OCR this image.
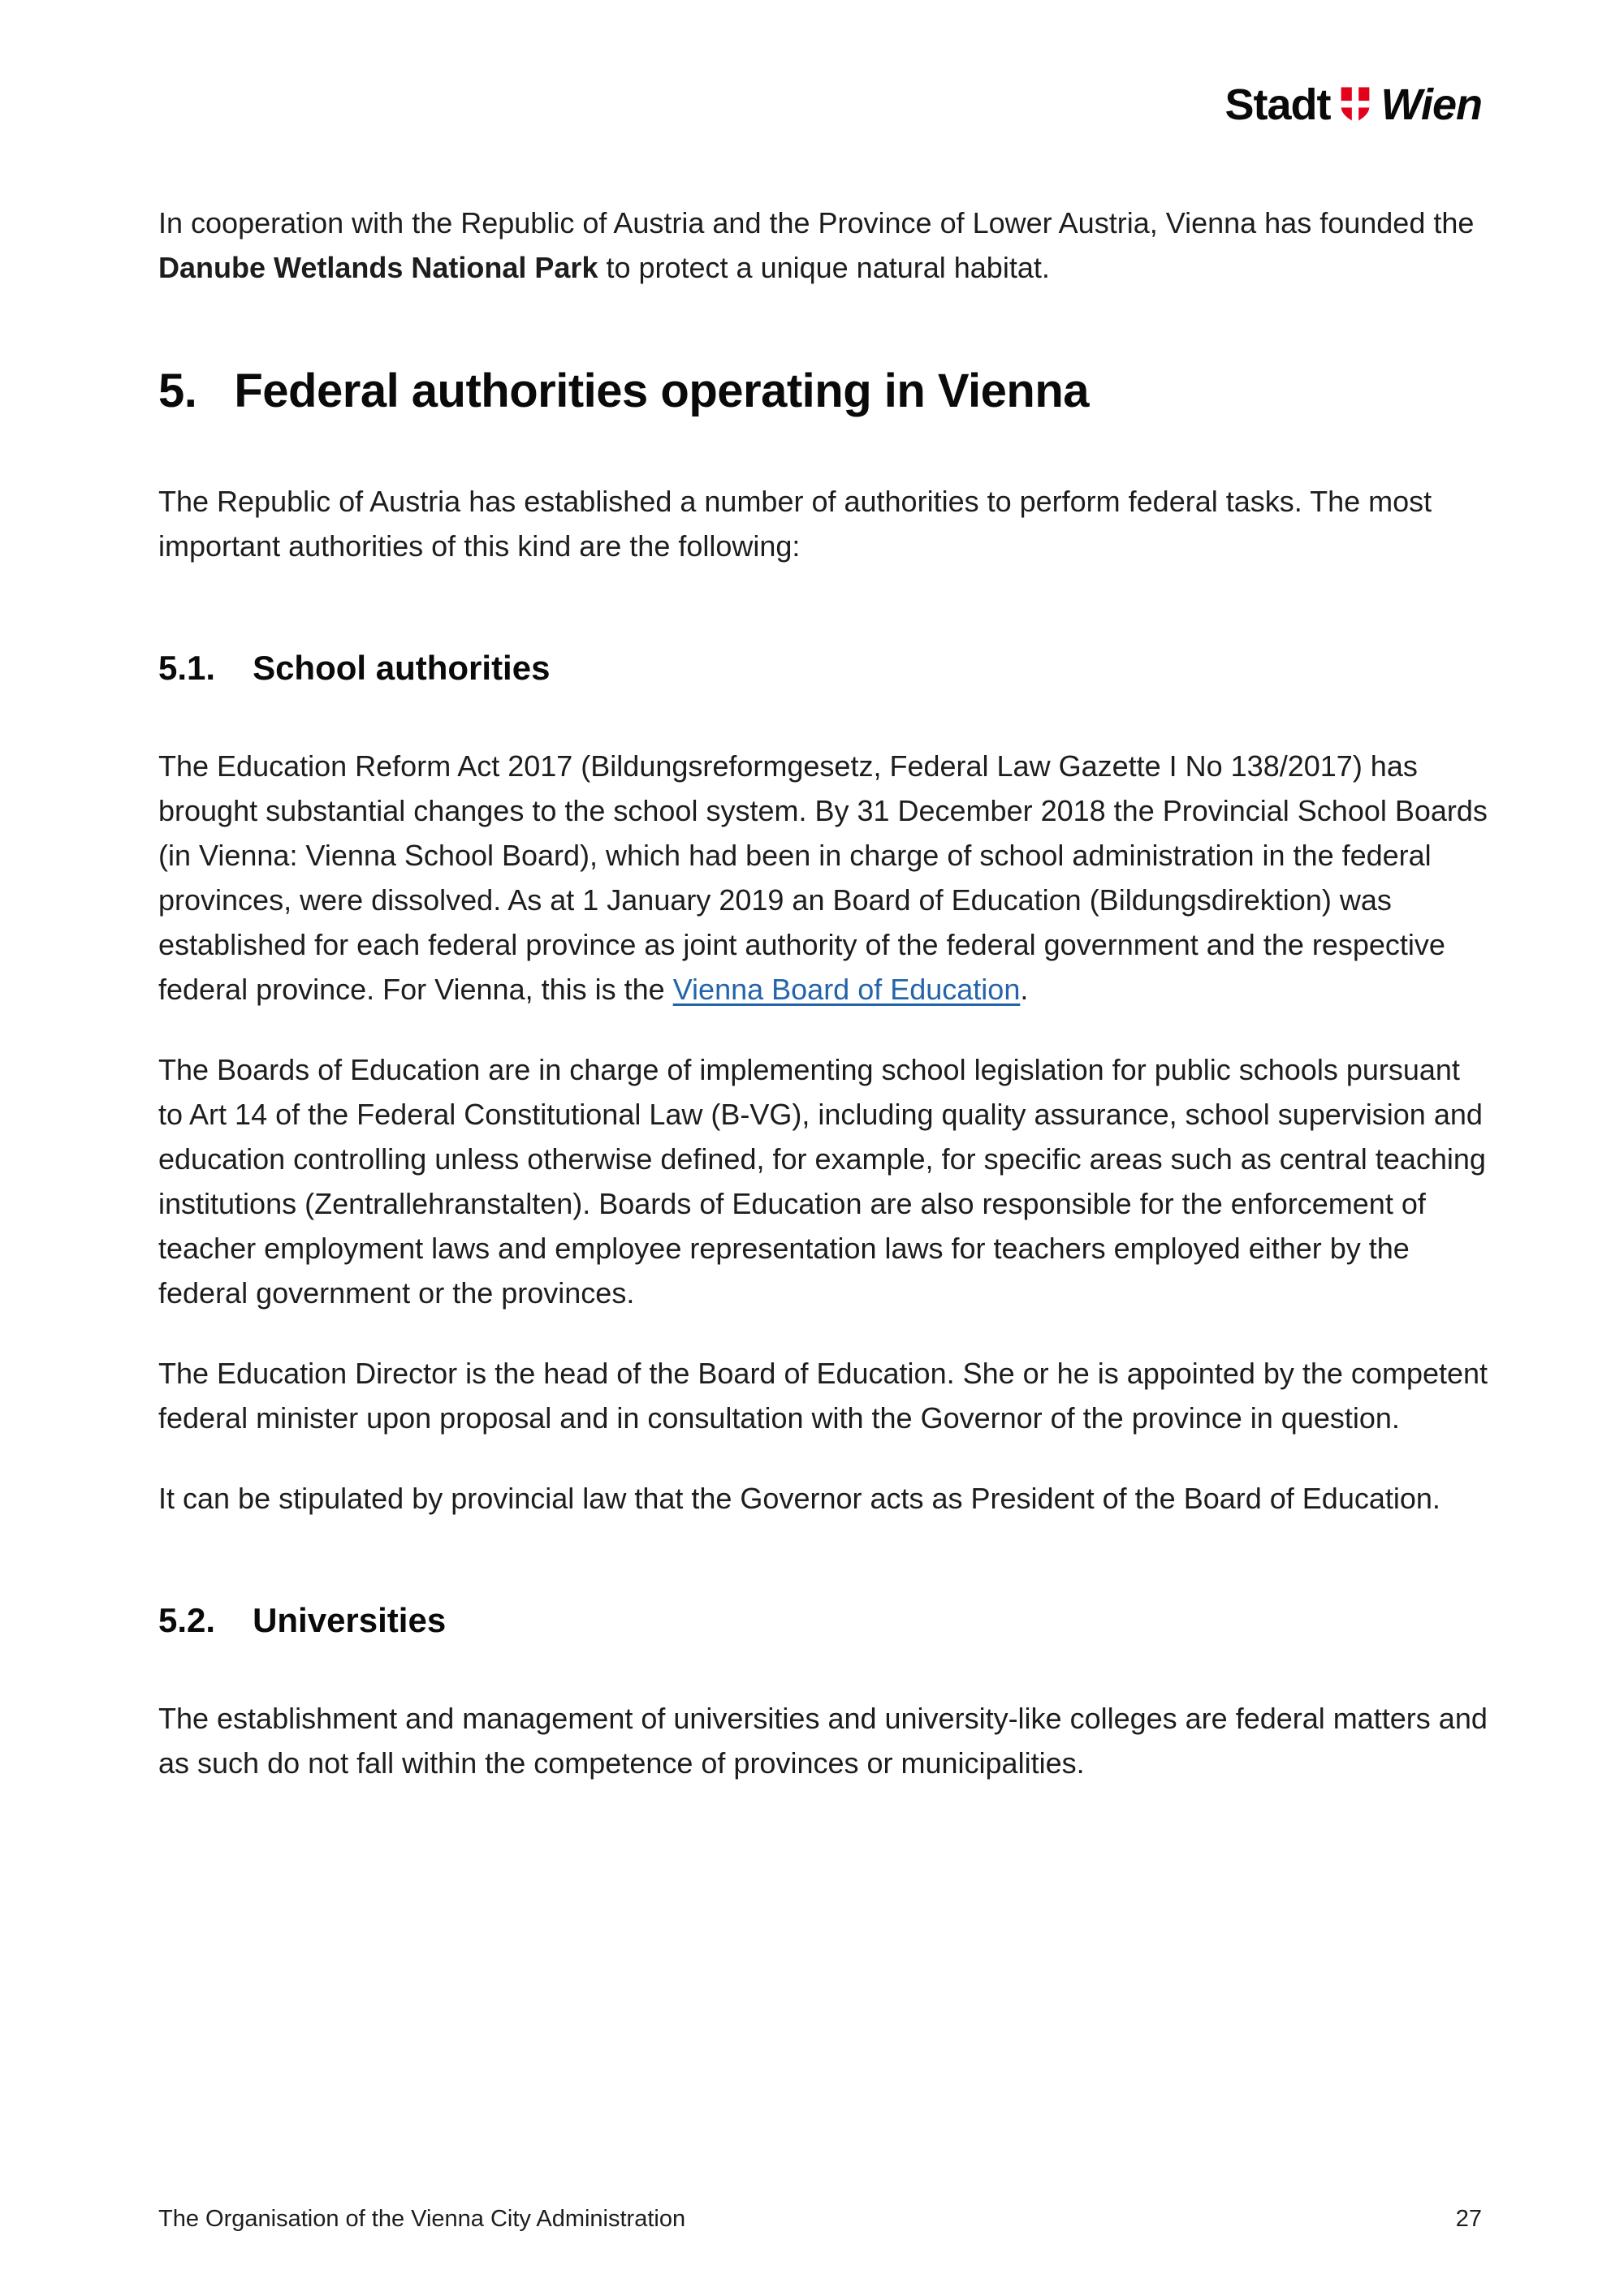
Stadt Wien

In cooperation with the Republic of Austria and the Province of Lower Austria, Vienna has founded the Danube Wetlands National Park to protect a unique natural habitat.

5. Federal authorities operating in Vienna

The Republic of Austria has established a number of authorities to perform federal tasks. The most important authorities of this kind are the following:

5.1. School authorities

The Education Reform Act 2017 (Bildungsreformgesetz, Federal Law Gazette I No 138/2017) has brought substantial changes to the school system. By 31 December 2018 the Provincial School Boards (in Vienna: Vienna School Board), which had been in charge of school administration in the federal provinces, were dissolved. As at 1 January 2019 an Board of Education (Bildungsdirektion) was established for each federal province as joint authority of the federal government and the respective federal province. For Vienna, this is the Vienna Board of Education.

The Boards of Education are in charge of implementing school legislation for public schools pursuant to Art 14 of the Federal Constitutional Law (B-VG), including quality assurance, school supervision and education controlling unless otherwise defined, for example, for specific areas such as central teaching institutions (Zentrallehranstalten). Boards of Education are also responsible for the enforcement of teacher employment laws and employee representation laws for teachers employed either by the federal government or the provinces.

The Education Director is the head of the Board of Education. She or he is appointed by the competent federal minister upon proposal and in consultation with the Governor of the province in question.

It can be stipulated by provincial law that the Governor acts as President of the Board of Education.

5.2. Universities

The establishment and management of universities and university-like colleges are federal matters and as such do not fall within the competence of provinces or municipalities.

The Organisation of the Vienna City Administration	27
